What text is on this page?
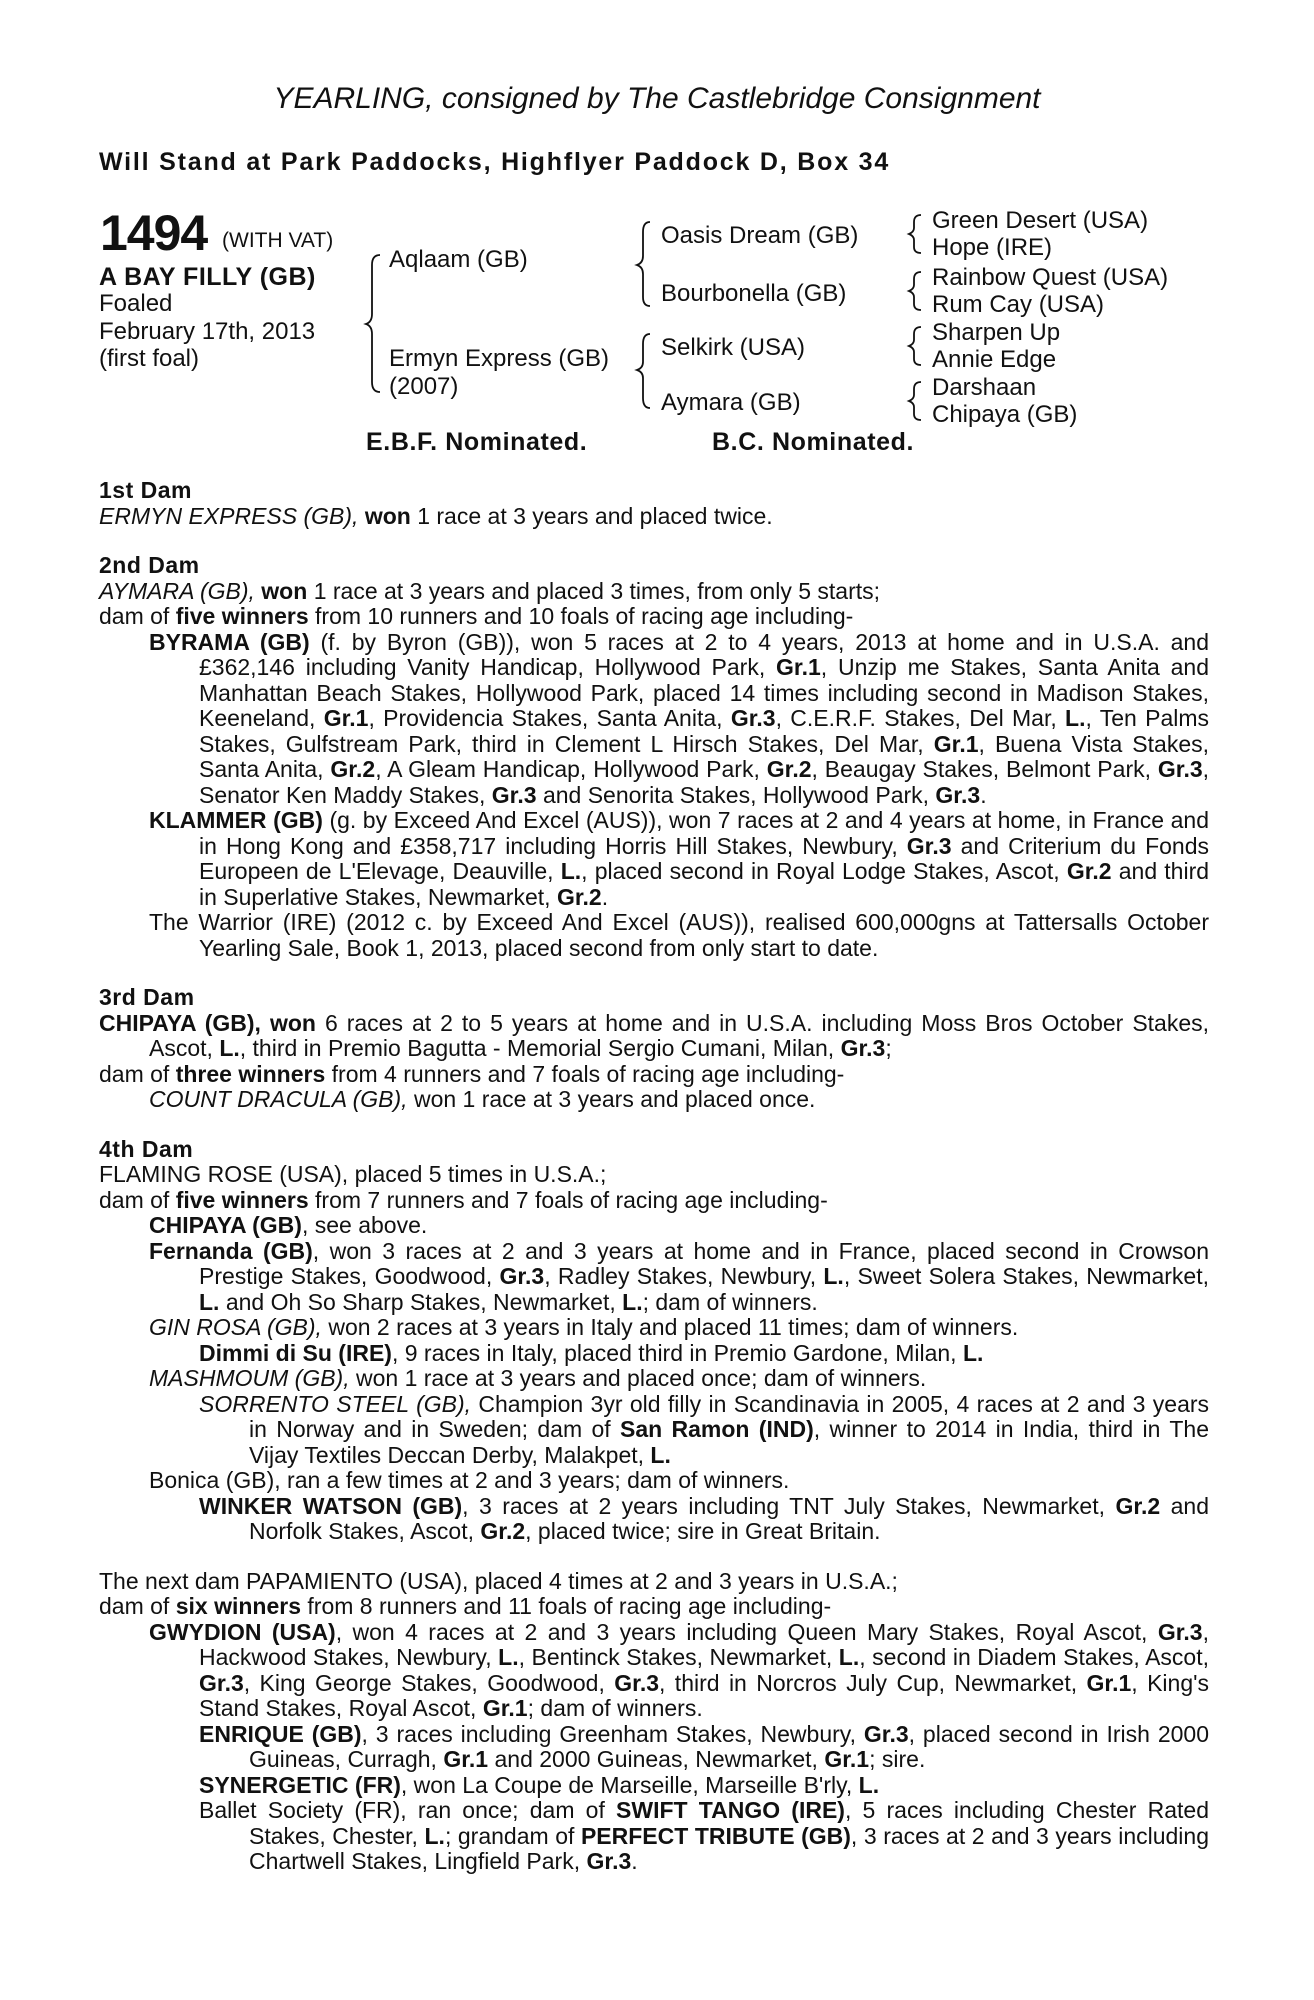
YEARLING, consigned by The Castlebridge Consignment
Will Stand at Park Paddocks, Highflyer Paddock D, Box 34
1494 (WITH VAT)
A BAY FILLY (GB)
Foaled
February 17th, 2013
(first foal)
Aqlaam (GB)
Ermyn Express (GB)
(2007)
Oasis Dream (GB)
Bourbonella (GB)
Selkirk (USA)
Aymara (GB)
Green Desert (USA)
Hope (IRE)
Rainbow Quest (USA)
Rum Cay (USA)
Sharpen Up
Annie Edge
Darshaan
Chipaya (GB)
E.B.F. Nominated.	B.C. Nominated.
1st Dam
ERMYN EXPRESS (GB), won 1 race at 3 years and placed twice.
2nd Dam
AYMARA (GB), won 1 race at 3 years and placed 3 times, from only 5 starts;
dam of five winners from 10 runners and 10 foals of racing age including-
BYRAMA (GB) (f. by Byron (GB)), won 5 races at 2 to 4 years, 2013 at home and in U.S.A. and £362,146 including Vanity Handicap, Hollywood Park, Gr.1, Unzip me Stakes, Santa Anita and Manhattan Beach Stakes, Hollywood Park, placed 14 times including second in Madison Stakes, Keeneland, Gr.1, Providencia Stakes, Santa Anita, Gr.3, C.E.R.F. Stakes, Del Mar, L., Ten Palms Stakes, Gulfstream Park, third in Clement L Hirsch Stakes, Del Mar, Gr.1, Buena Vista Stakes, Santa Anita, Gr.2, A Gleam Handicap, Hollywood Park, Gr.2, Beaugay Stakes, Belmont Park, Gr.3, Senator Ken Maddy Stakes, Gr.3 and Senorita Stakes, Hollywood Park, Gr.3.
KLAMMER (GB) (g. by Exceed And Excel (AUS)), won 7 races at 2 and 4 years at home, in France and in Hong Kong and £358,717 including Horris Hill Stakes, Newbury, Gr.3 and Criterium du Fonds Europeen de L'Elevage, Deauville, L., placed second in Royal Lodge Stakes, Ascot, Gr.2 and third in Superlative Stakes, Newmarket, Gr.2.
The Warrior (IRE) (2012 c. by Exceed And Excel (AUS)), realised 600,000gns at Tattersalls October Yearling Sale, Book 1, 2013, placed second from only start to date.
3rd Dam
CHIPAYA (GB), won 6 races at 2 to 5 years at home and in U.S.A. including Moss Bros October Stakes, Ascot, L., third in Premio Bagutta - Memorial Sergio Cumani, Milan, Gr.3;
dam of three winners from 4 runners and 7 foals of racing age including-
COUNT DRACULA (GB), won 1 race at 3 years and placed once.
4th Dam
FLAMING ROSE (USA), placed 5 times in U.S.A.;
dam of five winners from 7 runners and 7 foals of racing age including-
CHIPAYA (GB), see above.
Fernanda (GB), won 3 races at 2 and 3 years at home and in France, placed second in Crowson Prestige Stakes, Goodwood, Gr.3, Radley Stakes, Newbury, L., Sweet Solera Stakes, Newmarket, L. and Oh So Sharp Stakes, Newmarket, L.; dam of winners.
GIN ROSA (GB), won 2 races at 3 years in Italy and placed 11 times; dam of winners.
Dimmi di Su (IRE), 9 races in Italy, placed third in Premio Gardone, Milan, L.
MASHMOUM (GB), won 1 race at 3 years and placed once; dam of winners.
SORRENTO STEEL (GB), Champion 3yr old filly in Scandinavia in 2005, 4 races at 2 and 3 years in Norway and in Sweden; dam of San Ramon (IND), winner to 2014 in India, third in The Vijay Textiles Deccan Derby, Malakpet, L.
Bonica (GB), ran a few times at 2 and 3 years; dam of winners.
WINKER WATSON (GB), 3 races at 2 years including TNT July Stakes, Newmarket, Gr.2 and Norfolk Stakes, Ascot, Gr.2, placed twice; sire in Great Britain.
The next dam PAPAMIENTO (USA), placed 4 times at 2 and 3 years in U.S.A.;
dam of six winners from 8 runners and 11 foals of racing age including-
GWYDION (USA), won 4 races at 2 and 3 years including Queen Mary Stakes, Royal Ascot, Gr.3, Hackwood Stakes, Newbury, L., Bentinck Stakes, Newmarket, L., second in Diadem Stakes, Ascot, Gr.3, King George Stakes, Goodwood, Gr.3, third in Norcros July Cup, Newmarket, Gr.1, King's Stand Stakes, Royal Ascot, Gr.1; dam of winners.
ENRIQUE (GB), 3 races including Greenham Stakes, Newbury, Gr.3, placed second in Irish 2000 Guineas, Curragh, Gr.1 and 2000 Guineas, Newmarket, Gr.1; sire.
SYNERGETIC (FR), won La Coupe de Marseille, Marseille B'rly, L.
Ballet Society (FR), ran once; dam of SWIFT TANGO (IRE), 5 races including Chester Rated Stakes, Chester, L.; grandam of PERFECT TRIBUTE (GB), 3 races at 2 and 3 years including Chartwell Stakes, Lingfield Park, Gr.3.
